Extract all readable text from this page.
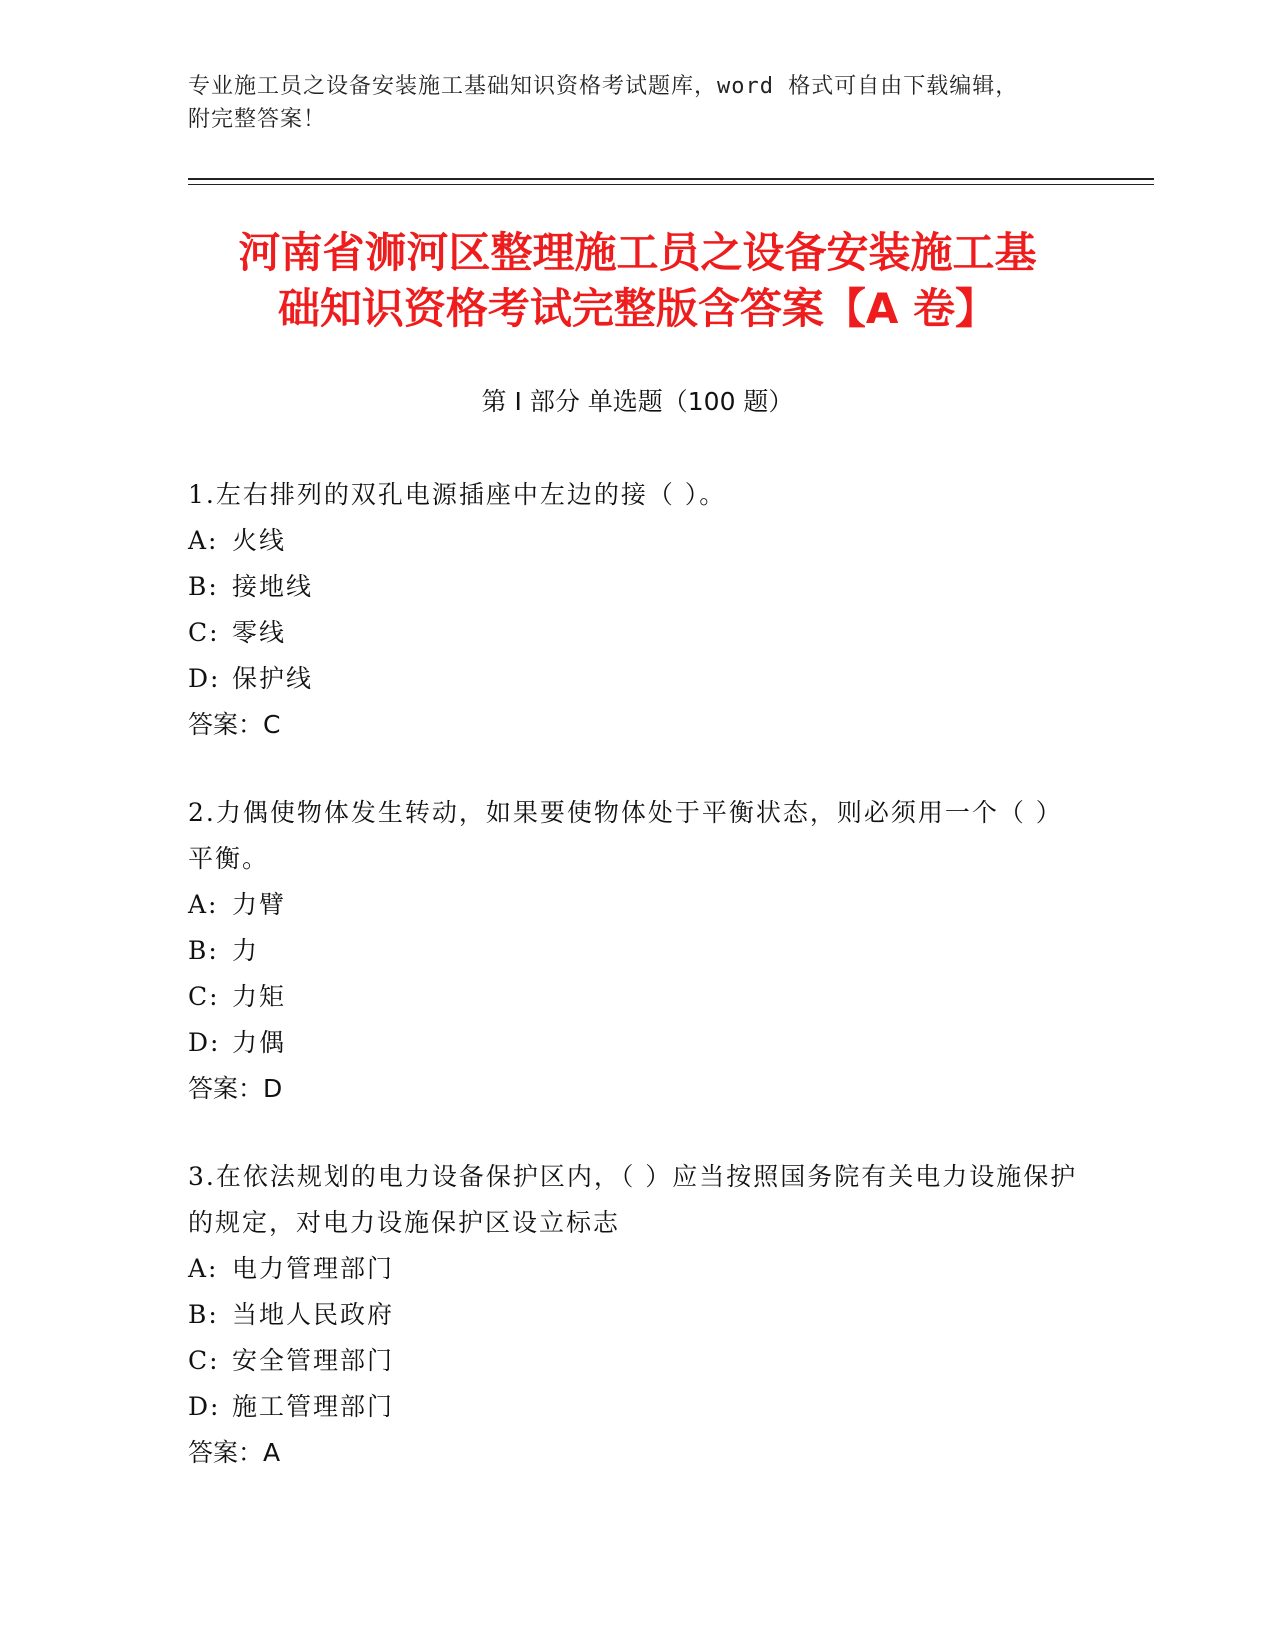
专业施工员之设备安装施工基础知识资格考试题库，word 格式可自由下载编辑，
附完整答案！
河南省浉河区整理施工员之设备安装施工基
础知识资格考试完整版含答案【A 卷】
第 I 部分 单选题（100 题）
1.左右排列的双孔电源插座中左边的接（ ）。
A: 火线
B: 接地线
C: 零线
D: 保护线
答案：C
2.力偶使物体发生转动，如果要使物体处于平衡状态，则必须用一个（ ）平衡。
A: 力臂
B: 力
C: 力矩
D: 力偶
答案：D
3.在依法规划的电力设备保护区内，（ ）应当按照国务院有关电力设施保护的规定，对电力设施保护区设立标志
A: 电力管理部门
B: 当地人民政府
C: 安全管理部门
D: 施工管理部门
答案：A
